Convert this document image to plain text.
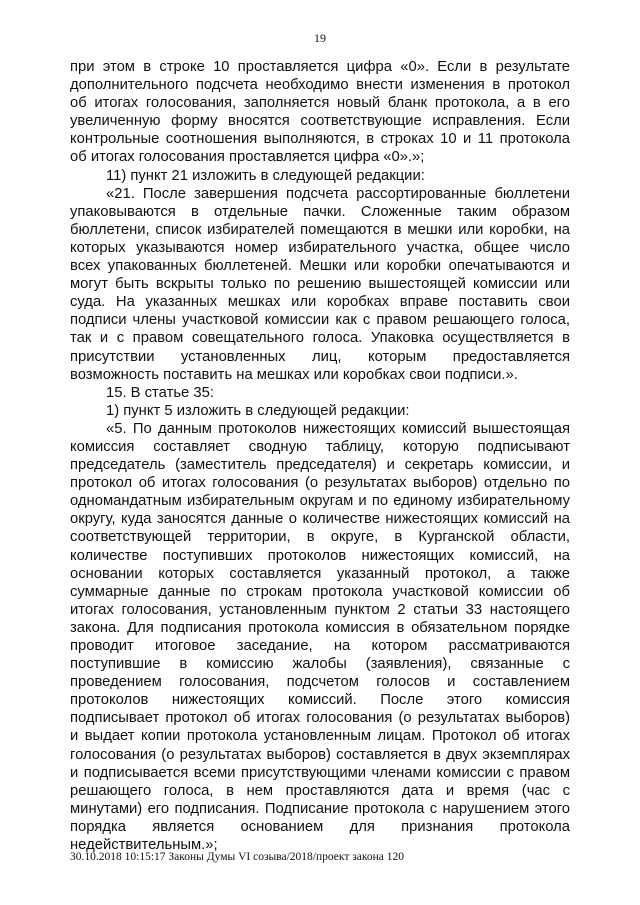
19
при этом в строке 10 проставляется цифра «0». Если в результате
дополнительного подсчета необходимо внести изменения в протокол
об итогах голосования, заполняется новый бланк протокола, а в его
увеличенную форму вносятся соответствующие исправления. Если
контрольные соотношения выполняются, в строках 10 и 11 протокола
об итогах голосования проставляется цифра «0».»;
11) пункт 21 изложить в следующей редакции:
«21. После завершения подсчета рассортированные бюллетени
упаковываются в отдельные пачки. Сложенные таким образом
бюллетени, список избирателей помещаются в мешки или коробки, на
которых указываются номер избирательного участка, общее число
всех упакованных бюллетеней. Мешки или коробки опечатываются и
могут быть вскрыты только по решению вышестоящей комиссии или
суда. На указанных мешках или коробках вправе поставить свои
подписи члены участковой комиссии как с правом решающего голоса,
так и с правом совещательного голоса. Упаковка осуществляется в
присутствии установленных лиц, которым предоставляется
возможность поставить на мешках или коробках свои подписи.».
15. В статье 35:
1) пункт 5 изложить в следующей редакции:
«5. По данным протоколов нижестоящих комиссий вышестоящая
комиссия составляет сводную таблицу, которую подписывают
председатель (заместитель председателя) и секретарь комиссии, и
протокол об итогах голосования (о результатах выборов) отдельно по
одномандатным избирательным округам и по единому избирательному
округу, куда заносятся данные о количестве нижестоящих комиссий на
соответствующей территории, в округе, в Курганской области,
количестве поступивших протоколов нижестоящих комиссий, на
основании которых составляется указанный протокол, а также
суммарные данные по строкам протокола участковой комиссии об
итогах голосования, установленным пунктом 2 статьи 33 настоящего
закона. Для подписания протокола комиссия в обязательном порядке
проводит итоговое заседание, на котором рассматриваются
поступившие в комиссию жалобы (заявления), связанные с
проведением голосования, подсчетом голосов и составлением
протоколов нижестоящих комиссий. После этого комиссия
подписывает протокол об итогах голосования (о результатах выборов)
и выдает копии протокола установленным лицам. Протокол об итогах
голосования (о результатах выборов) составляется в двух экземплярах
и подписывается всеми присутствующими членами комиссии с правом
решающего голоса, в нем проставляются дата и время (час с
минутами) его подписания. Подписание протокола с нарушением этого
порядка является основанием для признания протокола
недействительным.»;
30.10.2018 10:15:17 Законы Думы VI созыва/2018/проект закона 120
